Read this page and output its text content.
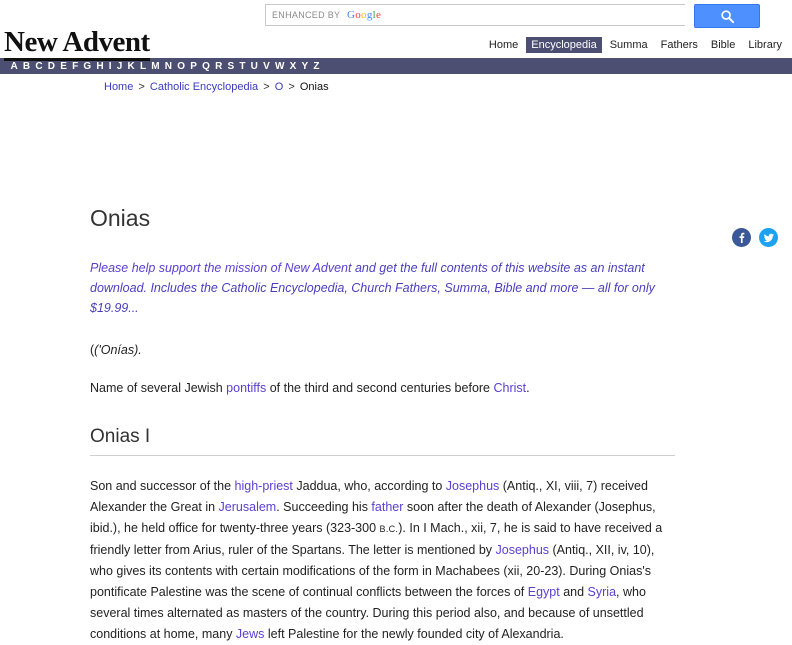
ENHANCED BY Google
New Advent	Home	Encyclopedia	Summa	Fathers	Bible	Library
A B C D E F G H I J K L M N O P Q R S T U V W X Y Z
Home > Catholic Encyclopedia > O > Onias
Onias

Please help support the mission of New Advent and get the full contents of this website as an instant download. Includes the Catholic Encyclopedia, Church Fathers, Summa, Bible and more — all for only $19.99...

(('Onías).

Name of several Jewish pontiffs of the third and second centuries before Christ.

Onias I

Son and successor of the high-priest Jaddua, who, according to Josephus (Antiq., XI, viii, 7) received Alexander the Great in Jerusalem. Succeeding his father soon after the death of Alexander (Josephus, ibid.), he held office for twenty-three years (323-300 B.C.). In I Mach., xii, 7, he is said to have received a friendly letter from Arius, ruler of the Spartans. The letter is mentioned by Josephus (Antiq., XII, iv, 10), who gives its contents with certain modifications of the form in Machabees (xii, 20-23). During Onias's pontificate Palestine was the scene of continual conflicts between the forces of Egypt and Syria, who several times alternated as masters of the country. During this period also, and because of unsettled conditions at home, many Jews left Palestine for the newly founded city of Alexandria.
